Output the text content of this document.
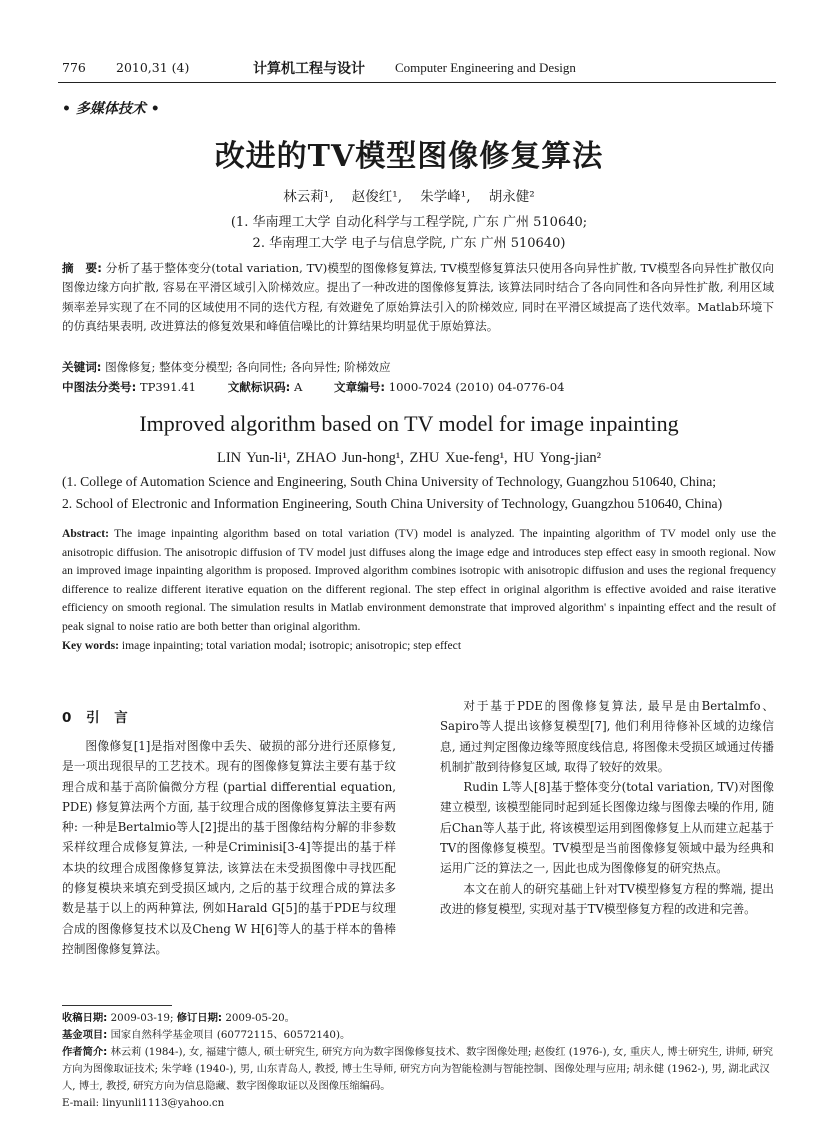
776 2010,31 (4)	计算机工程与设计 Computer Engineering and Design
• 多媒体技术 •
改进的TV模型图像修复算法
林云莉¹, 赵俊红¹, 朱学峰¹, 胡永健²
(1. 华南理工大学 自动化科学与工程学院, 广东 广州 510640;
2. 华南理工大学 电子与信息学院, 广东 广州 510640)
摘　要: 分析了基于整体变分(total variation, TV)模型的图像修复算法, TV模型修复算法只使用各向异性扩散, TV模型各向异性扩散仅向图像边缘方向扩散, 容易在平滑区域引入阶梯效应。提出了一种改进的图像修复算法, 该算法同时结合了各向同性和各向异性扩散, 利用区域频率差异实现了在不同的区域使用不同的迭代方程, 有效避免了原始算法引入的阶梯效应, 同时在平滑区域提高了迭代效率。Matlab环境下的仿真结果表明, 改进算法的修复效果和峰值信噪比的计算结果均明显优于原始算法。
关键词: 图像修复; 整体变分模型; 各向同性; 各向异性; 阶梯效应
中图法分类号: TP391.41	文献标识码: A	文章编号: 1000-7024 (2010) 04-0776-04
Improved algorithm based on TV model for image inpainting
LIN Yun-li¹, ZHAO Jun-hong¹, ZHU Xue-feng¹, HU Yong-jian²
(1. College of Automation Science and Engineering, South China University of Technology, Guangzhou 510640, China;
2. School of Electronic and Information Engineering, South China University of Technology, Guangzhou 510640, China)
Abstract: The image inpainting algorithm based on total variation (TV) model is analyzed. The inpainting algorithm of TV model only use the anisotropic diffusion. The anisotropic diffusion of TV model just diffuses along the image edge and introduces step effect easy in smooth regional. Now an improved image inpainting algorithm is proposed. Improved algorithm combines isotropic with anisotropic diffusion and uses the regional frequency difference to realize different iterative equation on the different regional. The step effect in original algorithm is effective avoided and raise iterative efficiency on smooth regional. The simulation results in Matlab environment demonstrate that improved algorithm' s inpainting effect and the result of peak signal to noise ratio are both better than original algorithm.
Key words: image inpainting; total variation modal; isotropic; anisotropic; step effect
0 引 言

图像修复[1]是指对图像中丢失、破损的部分进行还原修复, 是一项出现很早的工艺技术。现有的图像修复算法主要有基于纹理合成和基于高阶偏微分方程 (partial differential equation, PDE) 修复算法两个方面, 基于纹理合成的图像修复算法主要有两种: 一种是Bertalmio等人[2]提出的基于图像结构分解的非参数采样纹理合成修复算法, 一种是Criminisi[3-4]等提出的基于样本块的纹理合成图像修复算法, 该算法在未受损图像中寻找匹配的修复模块来填充到受损区域内, 之后的基于纹理合成的算法多数是基于以上的两种算法, 例如Harald G[5]的基于PDE与纹理合成的图像修复技术以及Cheng W H[6]等人的基于样本的鲁棒控制图像修复算法。

对于基于PDE的图像修复算法, 最早是由Bertalmfo、Sapiro等人提出该修复模型[7], 他们利用待修补区域的边缘信息, 通过判定图像边缘等照度线信息, 将图像未受损区域通过传播机制扩散到待修复区域, 取得了较好的效果。

Rudin L等人[8]基于整体变分(total variation, TV)对图像建立模型, 该模型能同时起到延长图像边缘与图像去噪的作用, 随后Chan等人基于此, 将该模型运用到图像修复上从而建立起基于TV的图像修复模型。TV模型是当前图像修复领域中最为经典和运用广泛的算法之一, 因此也成为图像修复的研究热点。

本文在前人的研究基础上针对TV模型修复方程的弊端, 提出改进的修复模型, 实现对基于TV模型修复方程的改进和完善。

收稿日期: 2009-03-19; 修订日期: 2009-05-20。
基金项目: 国家自然科学基金项目 (60772115、60572140)。
作者简介: 林云莉 (1984-), 女, 福建宁德人, 硕士研究生, 研究方向为数字图像修复技术、数字图像处理; 赵俊红 (1976-), 女, 重庆人, 博士研究生, 讲师, 研究方向为图像取证技术; 朱学峰 (1940-), 男, 山东青岛人, 教授, 博士生导师, 研究方向为智能检测与智能控制、图像处理与应用; 胡永健 (1962-), 男, 湖北武汉人, 博士, 教授, 研究方向为信息隐藏、数字图像取证以及图像压缩编码。
E-mail: linyunli1113@yahoo.cn
